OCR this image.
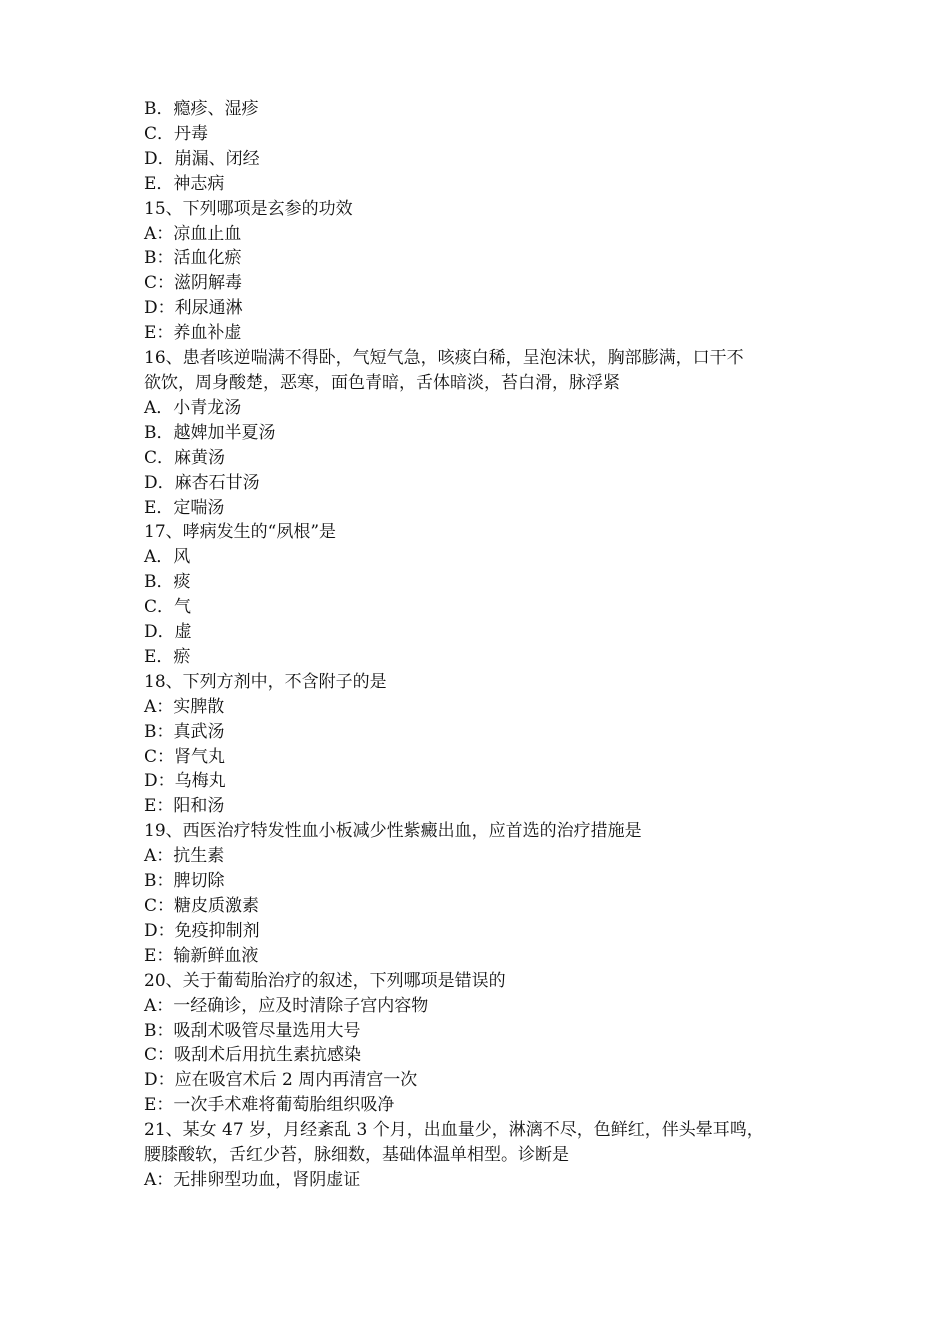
B．瘾疹、湿疹
C．丹毒
D．崩漏、闭经
E．神志病
15、下列哪项是玄参的功效
A：凉血止血
B：活血化瘀
C：滋阴解毒
D：利尿通淋
E：养血补虚
16、患者咳逆喘满不得卧，气短气急，咳痰白稀，呈泡沫状，胸部膨满，口干不
欲饮，周身酸楚，恶寒，面色青暗，舌体暗淡，苔白滑，脉浮紧
A．小青龙汤
B．越婢加半夏汤
C．麻黄汤
D．麻杏石甘汤
E．定喘汤
17、哮病发生的“夙根”是
A．风
B．痰
C．气
D．虚
E．瘀
18、下列方剂中，不含附子的是
A：实脾散
B：真武汤
C：肾气丸
D：乌梅丸
E：阳和汤
19、西医治疗特发性血小板减少性紫癜出血，应首选的治疗措施是
A：抗生素
B：脾切除
C：糖皮质激素
D：免疫抑制剂
E：输新鲜血液
20、关于葡萄胎治疗的叙述，下列哪项是错误的
A：一经确诊，应及时清除子宫内容物
B：吸刮术吸管尽量选用大号
C：吸刮术后用抗生素抗感染
D：应在吸宫术后 2 周内再清宫一次
E：一次手术难将葡萄胎组织吸净
21、某女 47 岁，月经紊乱 3 个月，出血量少，淋漓不尽，色鲜红，伴头晕耳鸣，
腰膝酸软，舌红少苔，脉细数，基础体温单相型。诊断是
A：无排卵型功血，肾阴虚证
